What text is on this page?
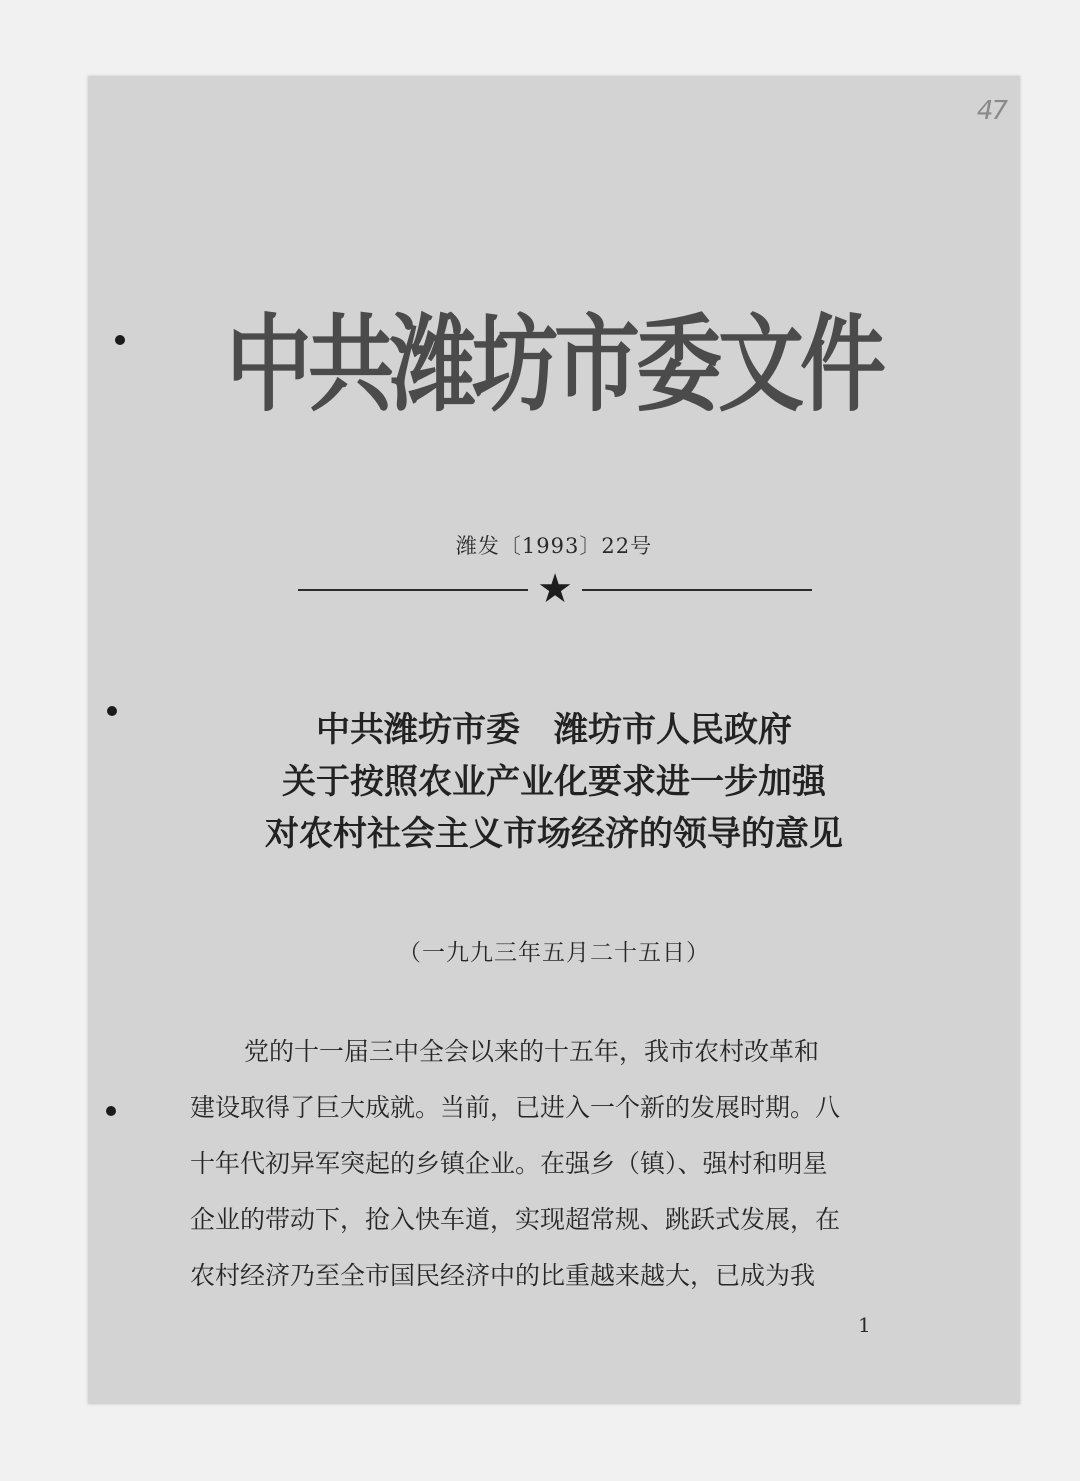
47
中共潍坊市委文件
潍发〔1993〕22号
★
中共潍坊市委　潍坊市人民政府
关于按照农业产业化要求进一步加强
对农村社会主义市场经济的领导的意见
（一九九三年五月二十五日）
党的十一届三中全会以来的十五年，我市农村改革和
建设取得了巨大成就。当前，已进入一个新的发展时期。八
十年代初异军突起的乡镇企业。在强乡（镇）、强村和明星
企业的带动下，抢入快车道，实现超常规、跳跃式发展，在
农村经济乃至全市国民经济中的比重越来越大，已成为我
1
